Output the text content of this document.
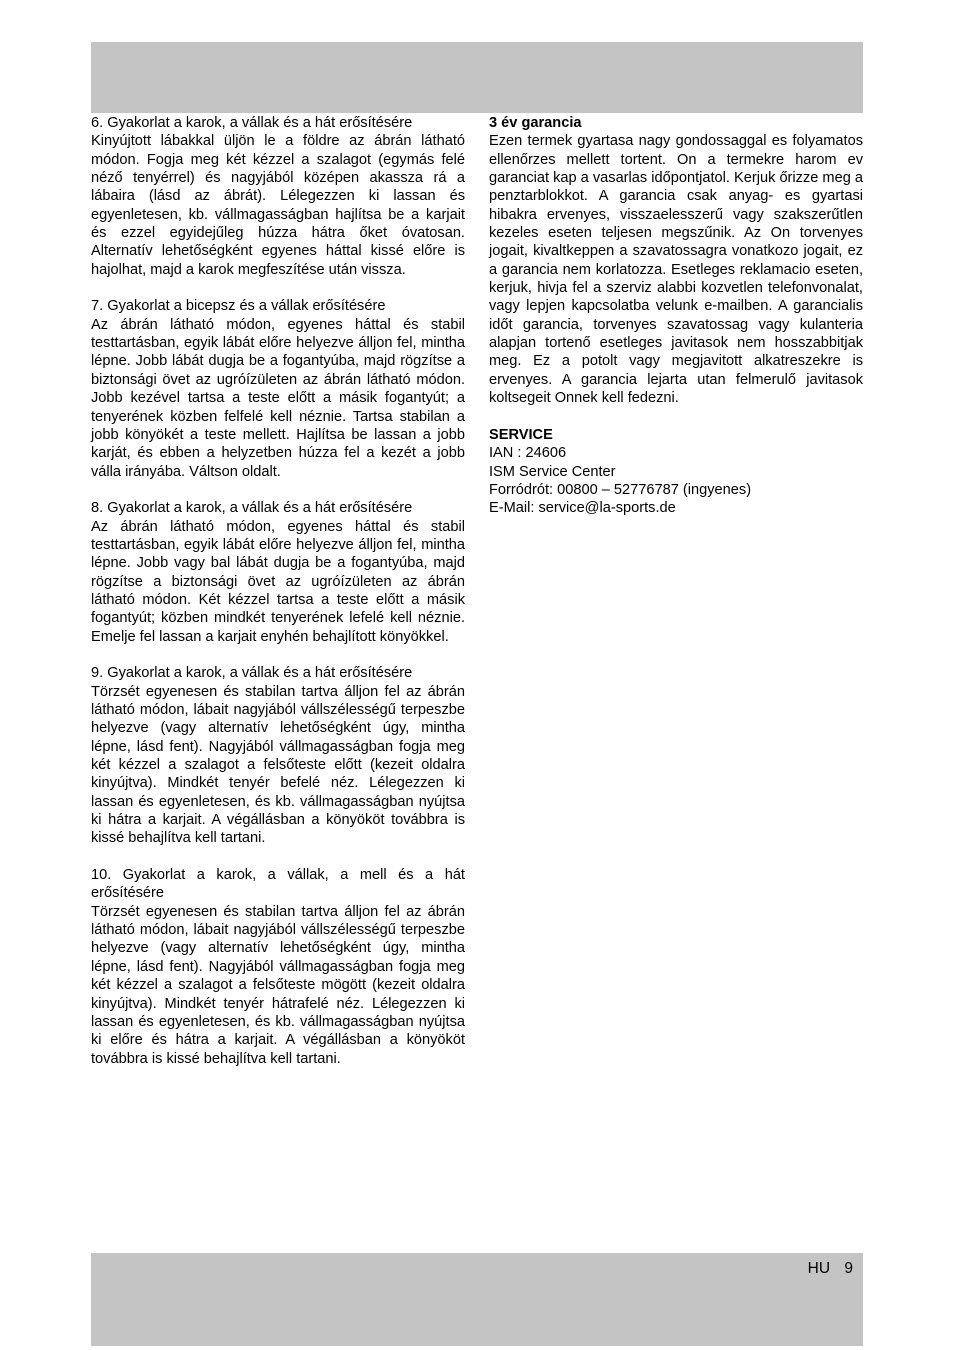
6. Gyakorlat a karok, a vállak és a hát erősítésére

Kinyújtott lábakkal üljön le a földre az ábrán látható módon. Fogja meg két kézzel a szalagot (egymás felé néző tenyérrel) és nagyjából középen akassza rá a lábaira (lásd az ábrát). Lélegezzen ki lassan és egyenletesen, kb. vállmagasságban hajlítsa be a karjait és ezzel egyidejűleg húzza hátra őket óvatosan. Alternatív lehetőségként egyenes háttal kissé előre is hajolhat, majd a karok megfeszítése után vissza.

7. Gyakorlat a bicepsz és a vállak erősítésére

Az ábrán látható módon, egyenes háttal és stabil testtartásban, egyik lábát előre helyezve álljon fel, mintha lépne. Jobb lábát dugja be a fogantyúba, majd rögzítse a biztonsági övet az ugróízületen az ábrán látható módon. Jobb kezével tartsa a teste előtt a másik fogantyút; a tenyerének közben felfelé kell néznie. Tartsa stabilan a jobb könyökét a teste mellett. Hajlítsa be lassan a jobb karját, és ebben a helyzetben húzza fel a kezét a jobb válla irányába. Váltson oldalt.

8. Gyakorlat a karok, a vállak és a hát erősítésére

Az ábrán látható módon, egyenes háttal és stabil testtartásban, egyik lábát előre helyezve álljon fel, mintha lépne. Jobb vagy bal lábát dugja be a fogantyúba, majd rögzítse a biztonsági övet az ugróízületen az ábrán látható módon. Két kézzel tartsa a teste előtt a másik fogantyút; közben mindkét tenyerének lefelé kell néznie. Emelje fel lassan a karjait enyhén behajlított könyökkel.

9. Gyakorlat a karok, a vállak és a hát erősítésére

Törzsét egyenesen és stabilan tartva álljon fel az ábrán látható módon, lábait nagyjából vállszélességű terpeszbe helyezve (vagy alternatív lehetőségként úgy, mintha lépne, lásd fent). Nagyjából vállmagasságban fogja meg két kézzel a szalagot a felsőteste előtt (kezeit oldalra kinyújtva). Mindkét tenyér befelé néz. Lélegezzen ki lassan és egyenletesen, és kb. vállmagasságban nyújtsa ki hátra a karjait. A végállásban a könyököt továbbra is kissé behajlítva kell tartani.

10. Gyakorlat a karok, a vállak, a mell és a hát erősítésére

Törzsét egyenesen és stabilan tartva álljon fel az ábrán látható módon, lábait nagyjából vállszélességű terpeszbe helyezve (vagy alternatív lehetőségként úgy, mintha lépne, lásd fent). Nagyjából vállmagasságban fogja meg két kézzel a szalagot a felsőteste mögött (kezeit oldalra kinyújtva). Mindkét tenyér hátrafelé néz. Lélegezzen ki lassan és egyenletesen, és kb. vállmagasságban nyújtsa ki előre és hátra a karjait. A végállásban a könyököt továbbra is kissé behajlítva kell tartani.

3 év garancia

Ezen termek gyartasa nagy gondossaggal es folyamatos ellenőrzes mellett tortent. On a termekre harom ev garanciat kap a vasarlas időpontjatol. Kerjuk őrizze meg a penztarblokkot. A garancia csak anyag- es gyartasi hibakra ervenyes, visszaelesszerű vagy szakszerűtlen kezeles eseten teljesen megszűnik. Az On torvenyes jogait, kivaltkeppen a szavatossagra vonatkozo jogait, ez a garancia nem korlatozza. Esetleges reklamacio eseten, kerjuk, hivja fel a szerviz alabbi kozvetlen telefonvonalat, vagy lepjen kapcsolatba velunk e-mailben. A garancialis időt garancia, torvenyes szavatossag vagy kulanteria alapjan tortenő esetleges javitasok nem hosszabbitjak meg. Ez a potolt vagy megjavitott alkatreszekre is ervenyes. A garancia lejarta utan felmerulő javitasok koltsegeit Onnek kell fedezni.

SERVICE

IAN : 24606
ISM Service Center
Forródrót: 00800 – 52776787 (ingyenes)
E-Mail: service@la-sports.de
HU 9
